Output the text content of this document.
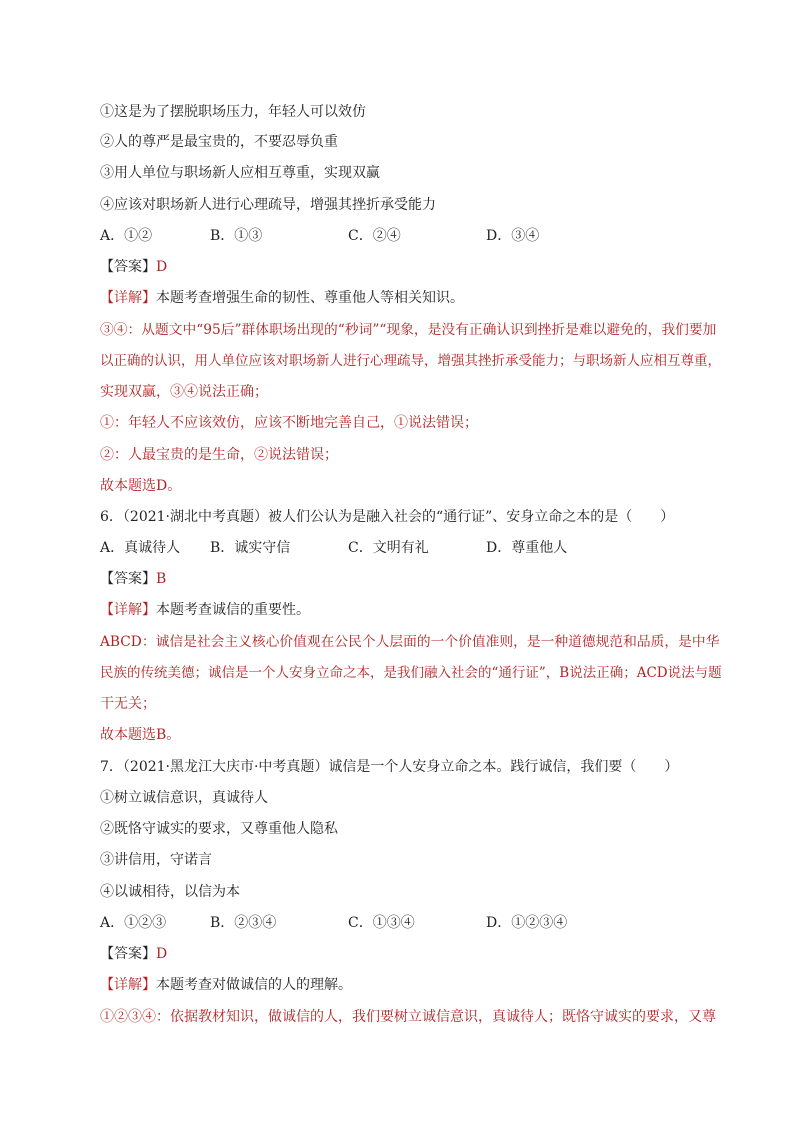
①这是为了摆脱职场压力，年轻人可以效仿
②人的尊严是最宝贵的，不要忍辱负重
③用人单位与职场新人应相互尊重，实现双赢
④应该对职场新人进行心理疏导，增强其挫折承受能力
A．①②	B．①③	C．②④	D．③④
【答案】D
【详解】本题考查增强生命的韧性、尊重他人等相关知识。
③④：从题文中“95后”群体职场出现的“秒词”“现象，是没有正确认识到挫折是难以避免的，我们要加
以正确的认识，用人单位应该对职场新人进行心理疏导，增强其挫折承受能力；与职场新人应相互尊重，
实现双赢，③④说法正确；
①：年轻人不应该效仿，应该不断地完善自己，①说法错误；
②：人最宝贵的是生命，②说法错误；
故本题选D。
6．（2021·湖北中考真题）被人们公认为是融入社会的“通行证”、安身立命之本的是（　　）
A．真诚待人	B．诚实守信	C．文明有礼	D．尊重他人
【答案】B
【详解】本题考查诚信的重要性。
ABCD：诚信是社会主义核心价值观在公民个人层面的一个价值准则，是一种道德规范和品质，是中华
民族的传统美德；诚信是一个人安身立命之本，是我们融入社会的“通行证”，B说法正确；ACD说法与题
干无关；
故本题选B。
7．（2021·黑龙江大庆市·中考真题）诚信是一个人安身立命之本。践行诚信，我们要（　　）
①树立诚信意识，真诚待人
②既恪守诚实的要求，又尊重他人隐私
③讲信用，守诺言
④以诚相待，以信为本
A．①②③	B．②③④	C．①③④	D．①②③④
【答案】D
【详解】本题考查对做诚信的人的理解。
①②③④：依据教材知识，做诚信的人，我们要树立诚信意识，真诚待人；既恪守诚实的要求，又尊
